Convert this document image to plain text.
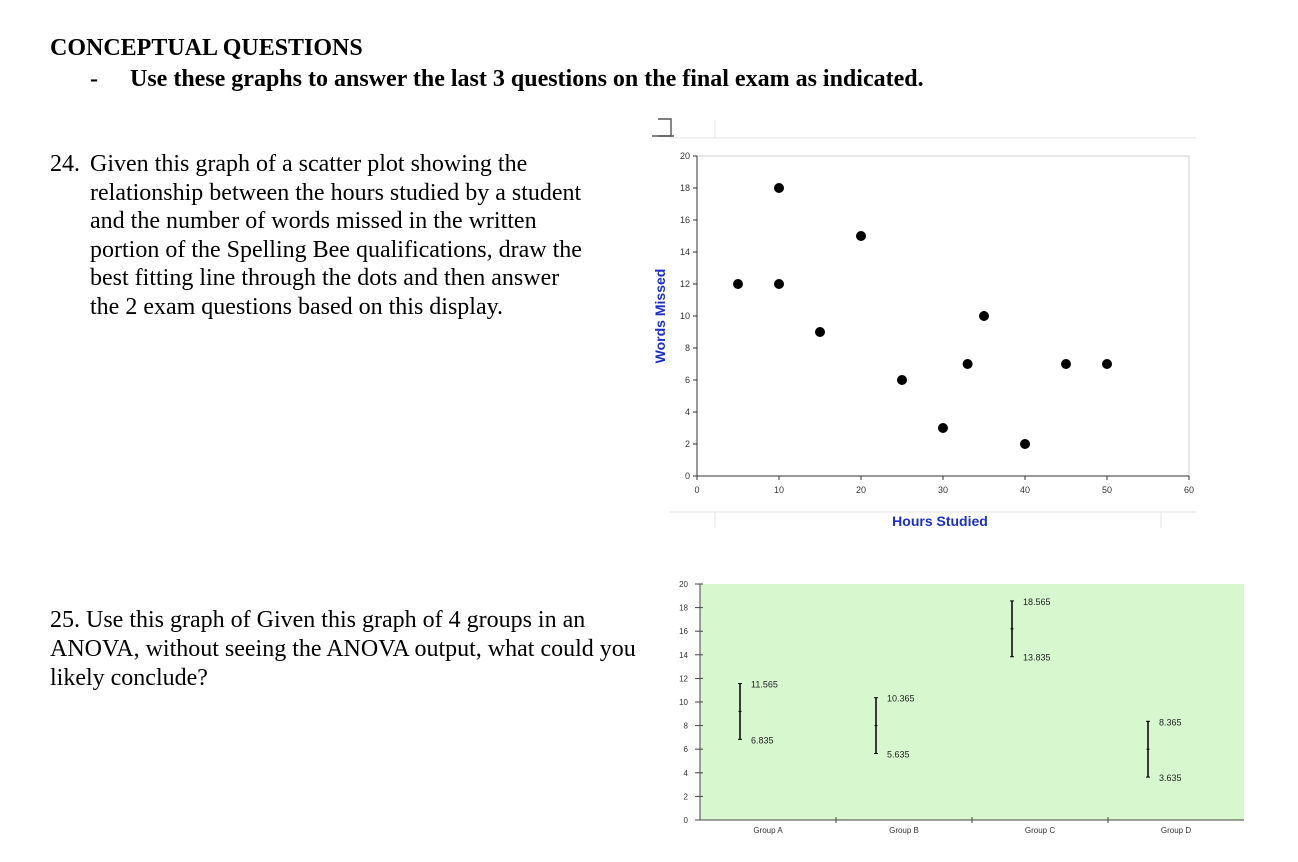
CONCEPTUAL QUESTIONS
- Use these graphs to answer the last 3 questions on the final exam as indicated.
24. Given this graph of a scatter plot showing the relationship between the hours studied by a student and the number of words missed in the written portion of the Spelling Bee qualifications, draw the best fitting line through the dots and then answer the 2 exam questions based on this display.
25. Use this graph of Given this graph of 4 groups in an ANOVA, without seeing the ANOVA output, what could you likely conclude?
0
2
4
6
8
10
12
14
16
18
20
0	10	20	30	40	50	60
Hours Studied
Words Missed
0
2
4
6
8
10
12
14
16
18
20
Group A	Group B	Group C	Group D
11.565
6.835
10.365
5.635
18.565
13.835
8.365
3.635
